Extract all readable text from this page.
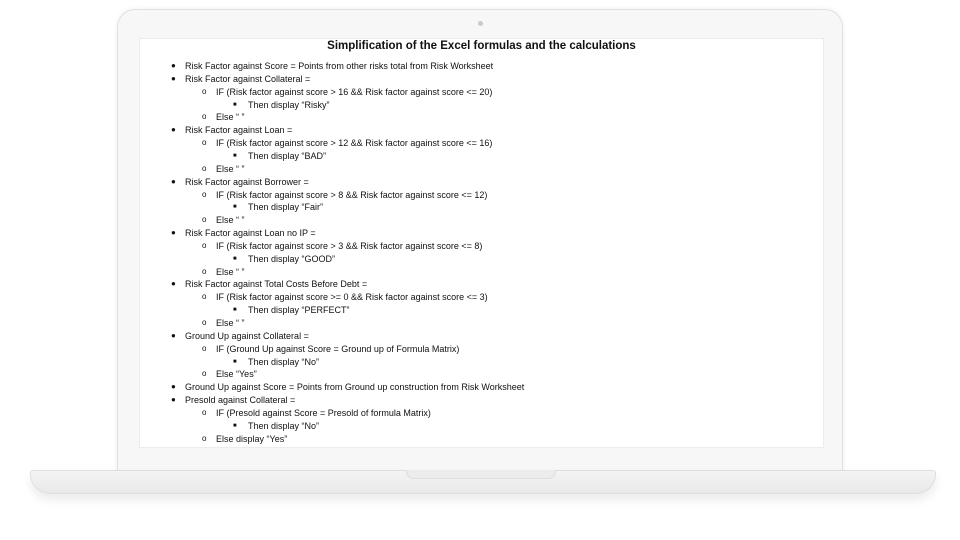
Simplification of the Excel formulas and the calculations
● Risk Factor against Score = Points from other risks total from Risk Worksheet
● Risk Factor against Collateral =
o IF (Risk factor against score > 16 && Risk factor against score <= 20)
■ Then display “Risky”
o Else “ ”
● Risk Factor against Loan =
o IF (Risk factor against score > 12 && Risk factor against score <= 16)
■ Then display “BAD”
o Else “ ”
● Risk Factor against Borrower =
o IF (Risk factor against score > 8 && Risk factor against score <= 12)
■ Then display “Fair”
o Else “ ”
● Risk Factor against Loan no IP =
o IF (Risk factor against score > 3 && Risk factor against score <= 8)
■ Then display “GOOD”
o Else “ ”
● Risk Factor against Total Costs Before Debt =
o IF (Risk factor against score >= 0 && Risk factor against score <= 3)
■ Then display “PERFECT”
o Else “ ”
● Ground Up against Collateral =
o IF (Ground Up against Score = Ground up of Formula Matrix)
■ Then display “No”
o Else “Yes”
● Ground Up against Score = Points from Ground up construction from Risk Worksheet
● Presold against Collateral =
o IF (Presold against Score = Presold of formula Matrix)
■ Then display “No”
o Else display “Yes”
